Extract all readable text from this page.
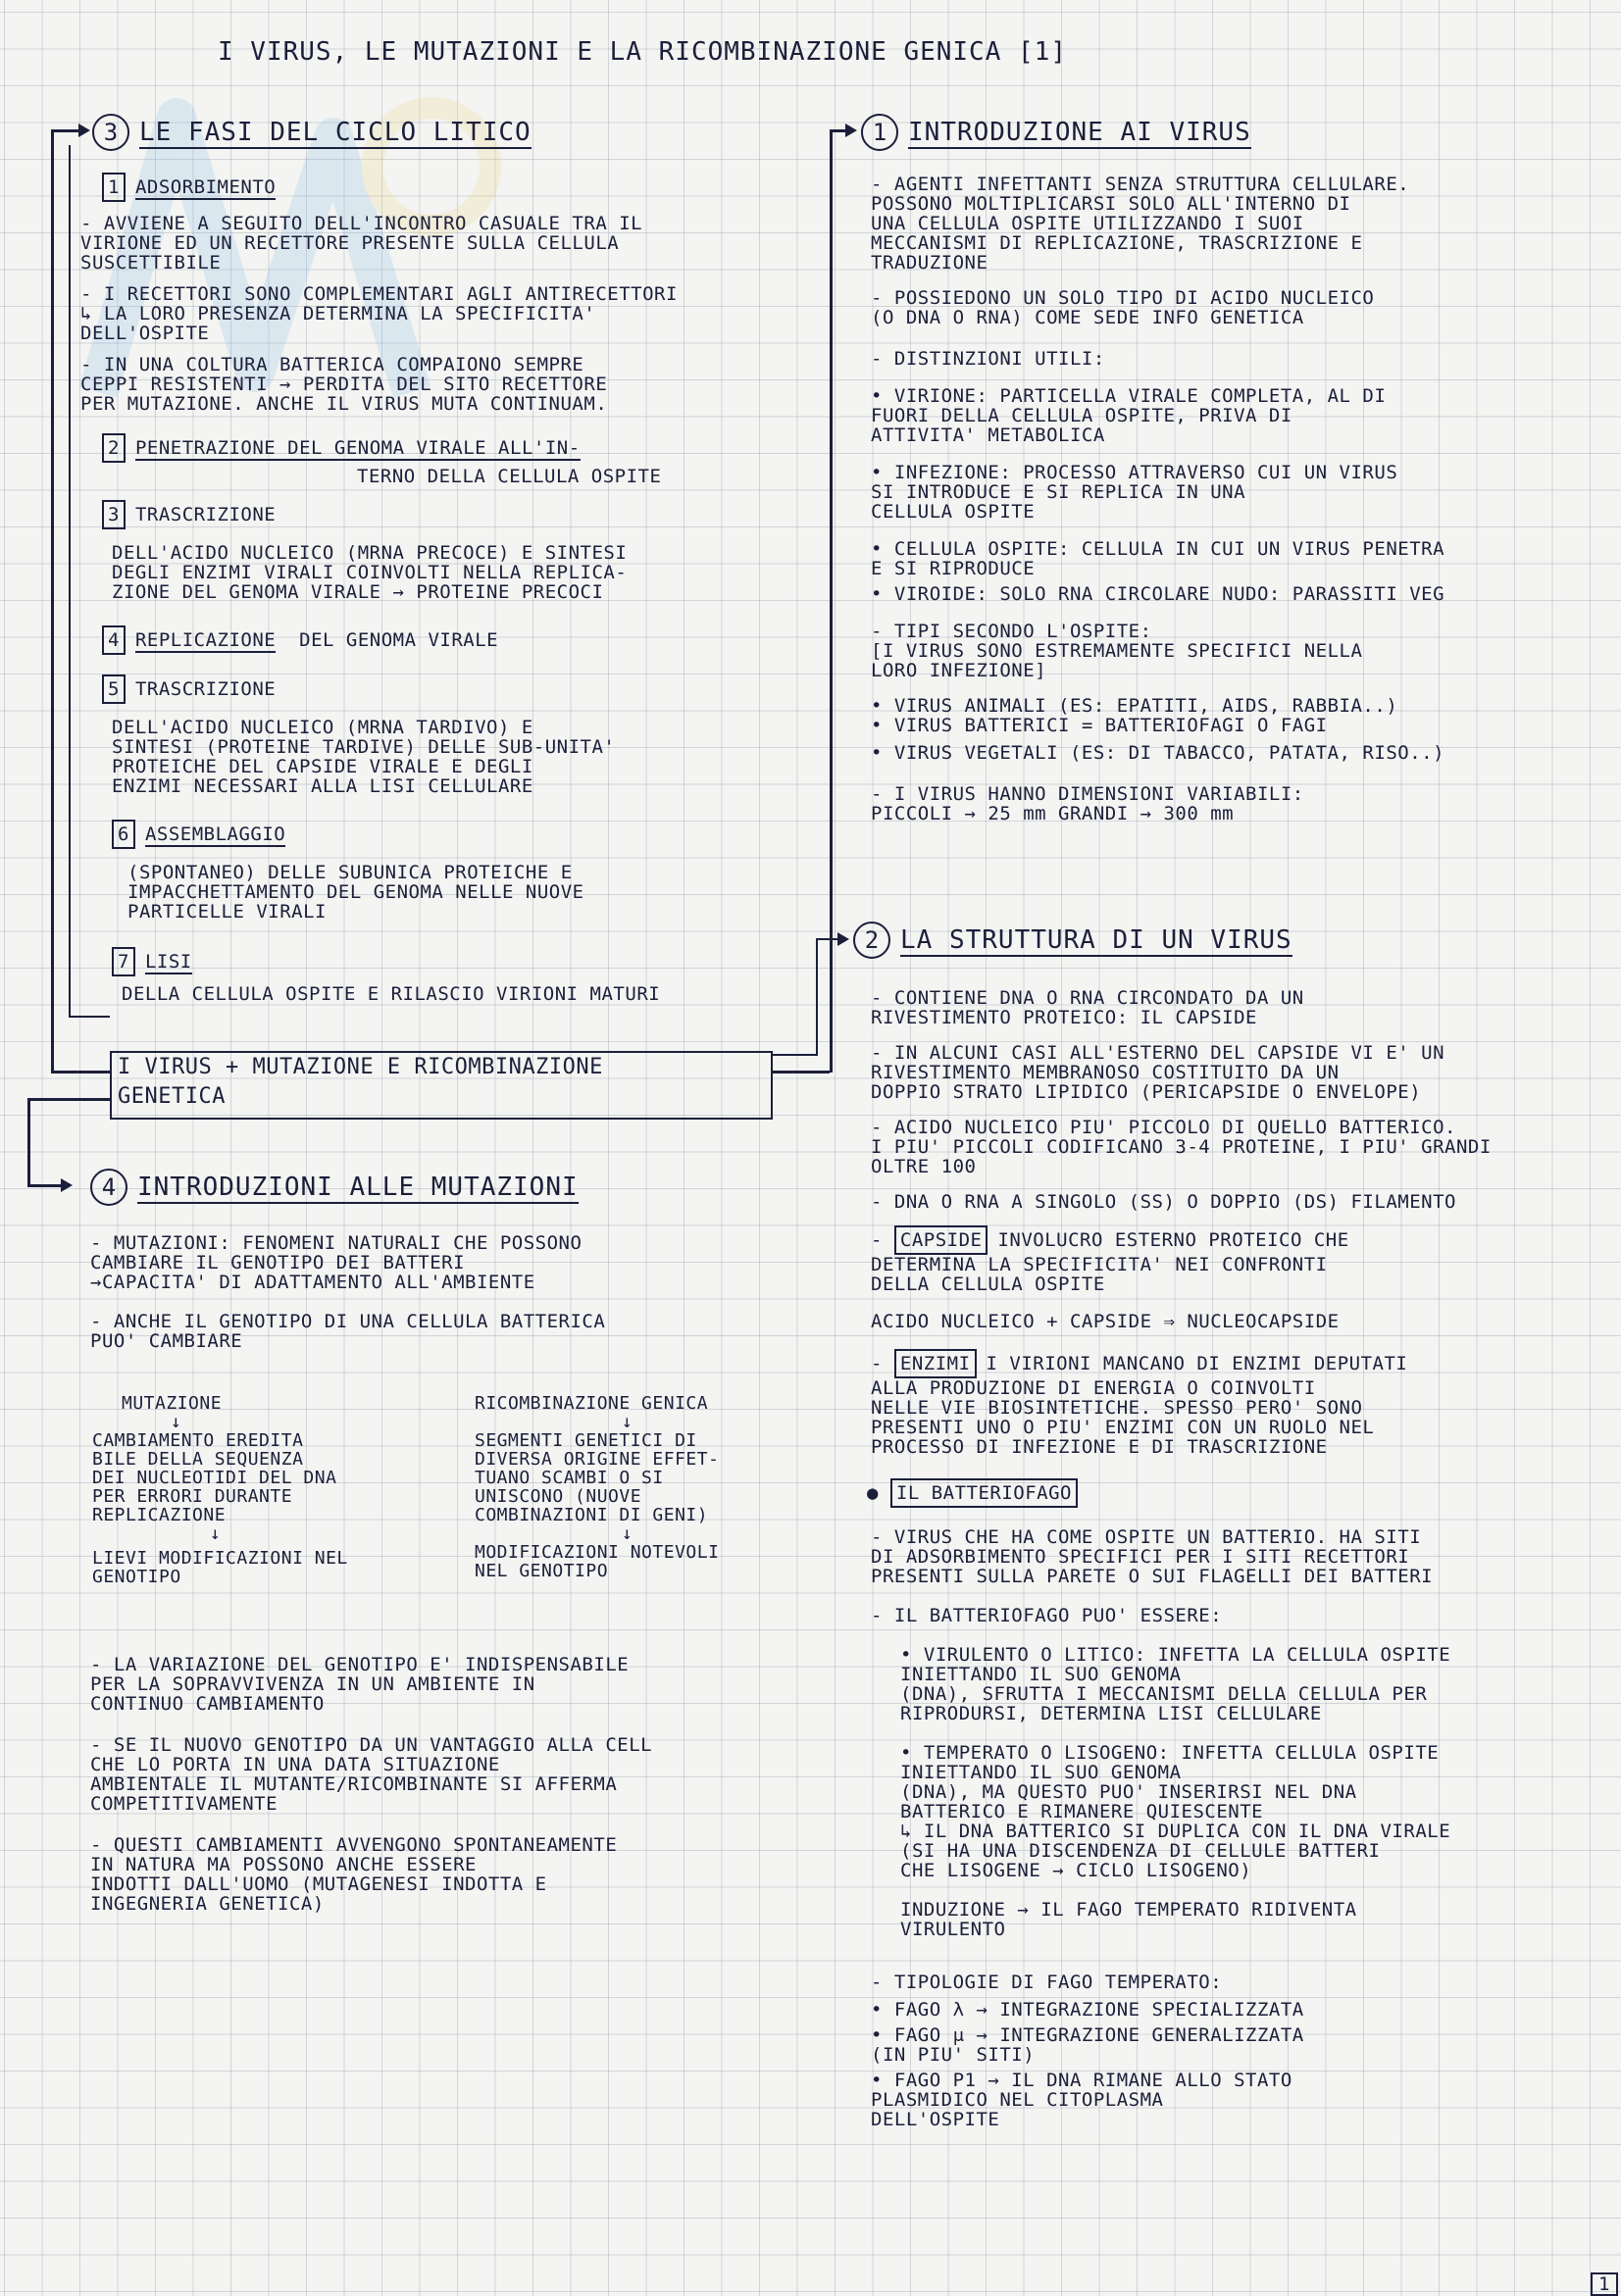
I VIRUS, LE MUTAZIONI E LA RICOMBINAZIONE GENICA [1]
I VIRUS + MUTAZIONE E RICOMBINAZIONE
GENETICA
3 LE FASI DEL CICLO LITICO
1 ADSORBIMENTO
- AVVIENE A SEGUITO DELL'INCONTRO CASUALE TRA IL
VIRIONE ED UN RECETTORE PRESENTE SULLA CELLULA
SUSCETTIBILE
- I RECETTORI SONO COMPLEMENTARI AGLI ANTIRECETTORI
↳ LA LORO PRESENZA DETERMINA LA SPECIFICITA'
DELL'OSPITE
- IN UNA COLTURA BATTERICA COMPAIONO SEMPRE
CEPPI RESISTENTI → PERDITA DEL SITO RECETTORE
PER MUTAZIONE. ANCHE IL VIRUS MUTA CONTINUAM.
2 PENETRAZIONE DEL GENOMA VIRALE ALL'IN-
TERNO DELLA CELLULA OSPITE
3 TRASCRIZIONE
DELL'ACIDO NUCLEICO (MRNA PRECOCE) E SINTESI
DEGLI ENZIMI VIRALI COINVOLTI NELLA REPLICA-
ZIONE DEL GENOMA VIRALE → PROTEINE PRECOCI
4 REPLICAZIONE DEL GENOMA VIRALE
5 TRASCRIZIONE
DELL'ACIDO NUCLEICO (MRNA TARDIVO) E
SINTESI (PROTEINE TARDIVE) DELLE SUB-UNITA'
PROTEICHE DEL CAPSIDE VIRALE E DEGLI
ENZIMI NECESSARI ALLA LISI CELLULARE
6 ASSEMBLAGGIO
(SPONTANEO) DELLE SUBUNICA PROTEICHE E
IMPACCHETTAMENTO DEL GENOMA NELLE NUOVE
PARTICELLE VIRALI
7 LISI
DELLA CELLULA OSPITE E RILASCIO VIRIONI MATURI
4 INTRODUZIONI ALLE MUTAZIONI
- MUTAZIONI: FENOMENI NATURALI CHE POSSONO
CAMBIARE IL GENOTIPO DEI BATTERI
→CAPACITA' DI ADATTAMENTO ALL'AMBIENTE
- ANCHE IL GENOTIPO DI UNA CELLULA BATTERICA
PUO' CAMBIARE
MUTAZIONE
↓
CAMBIAMENTO EREDITA
BILE DELLA SEQUENZA
DEI NUCLEOTIDI DEL DNA
PER ERRORI DURANTE
REPLICAZIONE
↓
LIEVI MODIFICAZIONI NEL
GENOTIPO
RICOMBINAZIONE GENICA
↓
SEGMENTI GENETICI DI
DIVERSA ORIGINE EFFET-
TUANO SCAMBI O SI
UNISCONO (NUOVE
COMBINAZIONI DI GENI)
↓
MODIFICAZIONI NOTEVOLI
NEL GENOTIPO
- LA VARIAZIONE DEL GENOTIPO E' INDISPENSABILE
PER LA SOPRAVVIVENZA IN UN AMBIENTE IN
CONTINUO CAMBIAMENTO
- SE IL NUOVO GENOTIPO DA UN VANTAGGIO ALLA CELL
CHE LO PORTA IN UNA DATA SITUAZIONE
AMBIENTALE IL MUTANTE/RICOMBINANTE SI AFFERMA
COMPETITIVAMENTE
- QUESTI CAMBIAMENTI AVVENGONO SPONTANEAMENTE
IN NATURA MA POSSONO ANCHE ESSERE
INDOTTI DALL'UOMO (MUTAGENESI INDOTTA E
INGEGNERIA GENETICA)
1 INTRODUZIONE AI VIRUS
- AGENTI INFETTANTI SENZA STRUTTURA CELLULARE.
POSSONO MOLTIPLICARSI SOLO ALL'INTERNO DI
UNA CELLULA OSPITE UTILIZZANDO I SUOI
MECCANISMI DI REPLICAZIONE, TRASCRIZIONE E
TRADUZIONE
- POSSIEDONO UN SOLO TIPO DI ACIDO NUCLEICO
(O DNA O RNA) COME SEDE INFO GENETICA
- DISTINZIONI UTILI:
• VIRIONE: PARTICELLA VIRALE COMPLETA, AL DI
FUORI DELLA CELLULA OSPITE, PRIVA DI
ATTIVITA' METABOLICA
• INFEZIONE: PROCESSO ATTRAVERSO CUI UN VIRUS
SI INTRODUCE E SI REPLICA IN UNA
CELLULA OSPITE
• CELLULA OSPITE: CELLULA IN CUI UN VIRUS PENETRA
E SI RIPRODUCE
• VIROIDE: SOLO RNA CIRCOLARE NUDO: PARASSITI VEG
- TIPI SECONDO L'OSPITE:
[I VIRUS SONO ESTREMAMENTE SPECIFICI NELLA
LORO INFEZIONE]
• VIRUS ANIMALI (ES: EPATITI, AIDS, RABBIA..)
• VIRUS BATTERICI = BATTERIOFAGI O FAGI
• VIRUS VEGETALI (ES: DI TABACCO, PATATA, RISO..)
- I VIRUS HANNO DIMENSIONI VARIABILI:
PICCOLI → 25 mm GRANDI → 300 mm
2 LA STRUTTURA DI UN VIRUS
- CONTIENE DNA O RNA CIRCONDATO DA UN
RIVESTIMENTO PROTEICO: IL CAPSIDE
- IN ALCUNI CASI ALL'ESTERNO DEL CAPSIDE VI E' UN
RIVESTIMENTO MEMBRANOSO COSTITUITO DA UN
DOPPIO STRATO LIPIDICO (PERICAPSIDE O ENVELOPE)
- ACIDO NUCLEICO PIU' PICCOLO DI QUELLO BATTERICO.
I PIU' PICCOLI CODIFICANO 3-4 PROTEINE, I PIU' GRANDI
OLTRE 100
- DNA O RNA A SINGOLO (SS) O DOPPIO (DS) FILAMENTO
- CAPSIDE INVOLUCRO ESTERNO PROTEICO CHE
DETERMINA LA SPECIFICITA' NEI CONFRONTI
DELLA CELLULA OSPITE
ACIDO NUCLEICO + CAPSIDE ⇒ NUCLEOCAPSIDE
- ENZIMI I VIRIONI MANCANO DI ENZIMI DEPUTATI
ALLA PRODUZIONE DI ENERGIA O COINVOLTI
NELLE VIE BIOSINTETICHE. SPESSO PERO' SONO
PRESENTI UNO O PIU' ENZIMI CON UN RUOLO NEL
PROCESSO DI INFEZIONE E DI TRASCRIZIONE
● IL BATTERIOFAGO
- VIRUS CHE HA COME OSPITE UN BATTERIO. HA SITI
DI ADSORBIMENTO SPECIFICI PER I SITI RECETTORI
PRESENTI SULLA PARETE O SUI FLAGELLI DEI BATTERI
- IL BATTERIOFAGO PUO' ESSERE:
• VIRULENTO O LITICO: INFETTA LA CELLULA OSPITE
INIETTANDO IL SUO GENOMA
(DNA), SFRUTTA I MECCANISMI DELLA CELLULA PER
RIPRODURSI, DETERMINA LISI CELLULARE
• TEMPERATO O LISOGENO: INFETTA CELLULA OSPITE
INIETTANDO IL SUO GENOMA
(DNA), MA QUESTO PUO' INSERIRSI NEL DNA
BATTERICO E RIMANERE QUIESCENTE
↳ IL DNA BATTERICO SI DUPLICA CON IL DNA VIRALE
(SI HA UNA DISCENDENZA DI CELLULE BATTERI
CHE LISOGENE → CICLO LISOGENO)
INDUZIONE → IL FAGO TEMPERATO RIDIVENTA
VIRULENTO
- TIPOLOGIE DI FAGO TEMPERATO:
• FAGO λ → INTEGRAZIONE SPECIALIZZATA
• FAGO μ → INTEGRAZIONE GENERALIZZATA
(IN PIU' SITI)
• FAGO P1 → IL DNA RIMANE ALLO STATO
PLASMIDICO NEL CITOPLASMA
DELL'OSPITE
1
